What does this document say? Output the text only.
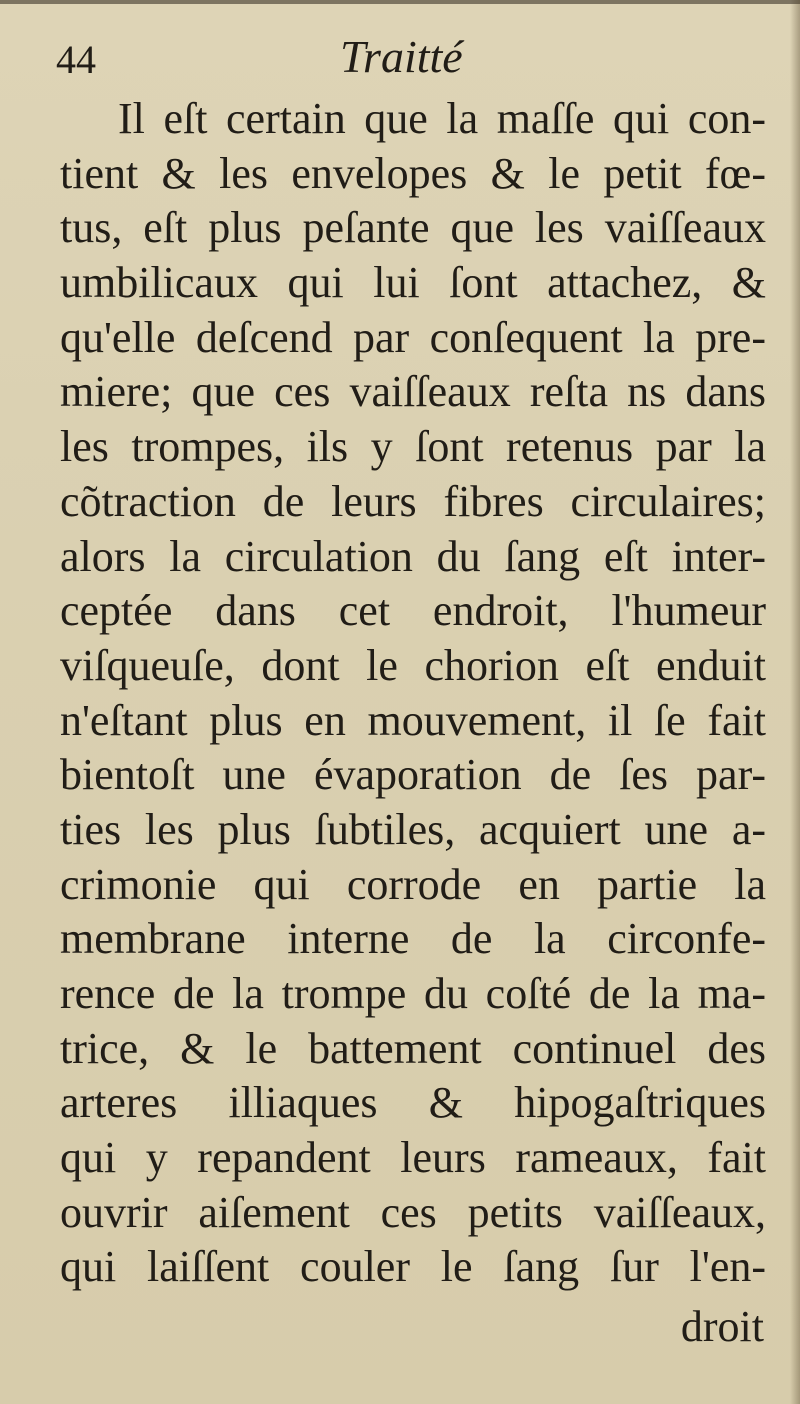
44	Traitté
Il eſt certain que la maſſe qui con-
tient & les envelopes & le petit fœ-
tus, eſt plus peſante que les vaiſſeaux
umbilicaux qui lui ſont attachez, &
qu'elle deſcend par conſequent la pre-
miere; que ces vaiſſeaux reſta ns dans
les trompes, ils y ſont retenus par la
cõtraction de leurs fibres circulaires;
alors la circulation du ſang eſt inter-
ceptée dans cet endroit, l'humeur
viſqueuſe, dont le chorion eſt enduit
n'eſtant plus en mouvement, il ſe fait
bientoſt une évaporation de ſes par-
ties les plus ſubtiles, acquiert une a-
crimonie qui corrode en partie la
membrane interne de la circonfe-
rence de la trompe du coſté de la ma-
trice, & le battement continuel des
arteres illiaques & hipogaſtriques
qui y repandent leurs rameaux, fait
ouvrir aiſement ces petits vaiſſeaux,
qui laiſſent couler le ſang ſur l'en-
droit
